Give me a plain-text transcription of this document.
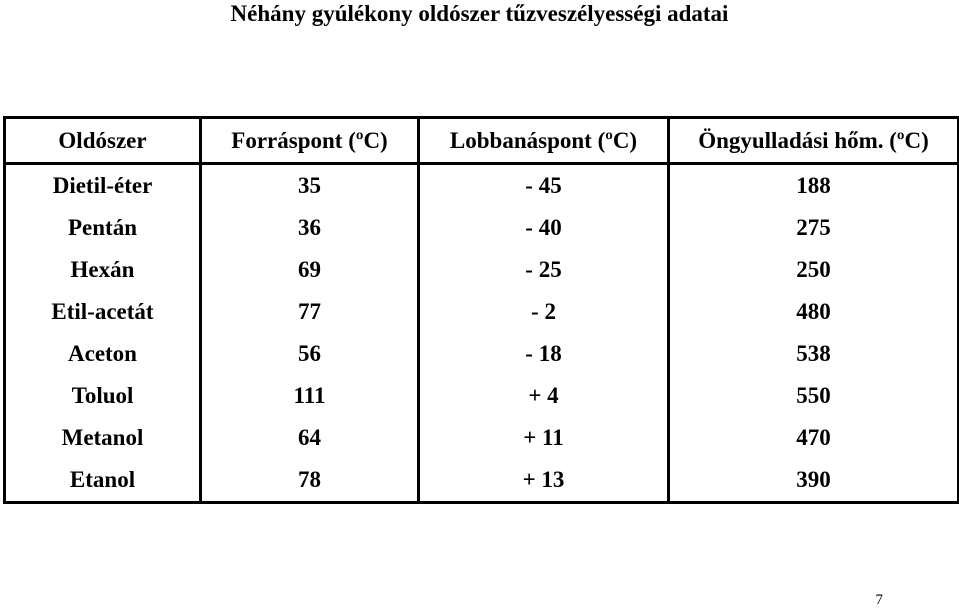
Néhány gyúlékony oldószer tűzveszélyességi adatai
Oldószer	Forráspont (ºC)	Lobbanáspont (ºC)	Öngyulladási hőm. (ºC)
Dietil-éter	35	- 45	188
Pentán	36	- 40	275
Hexán	69	- 25	250
Etil-acetát	77	- 2	480
Aceton	56	- 18	538
Toluol	111	+ 4	550
Metanol	64	+ 11	470
Etanol	78	+ 13	390
7
